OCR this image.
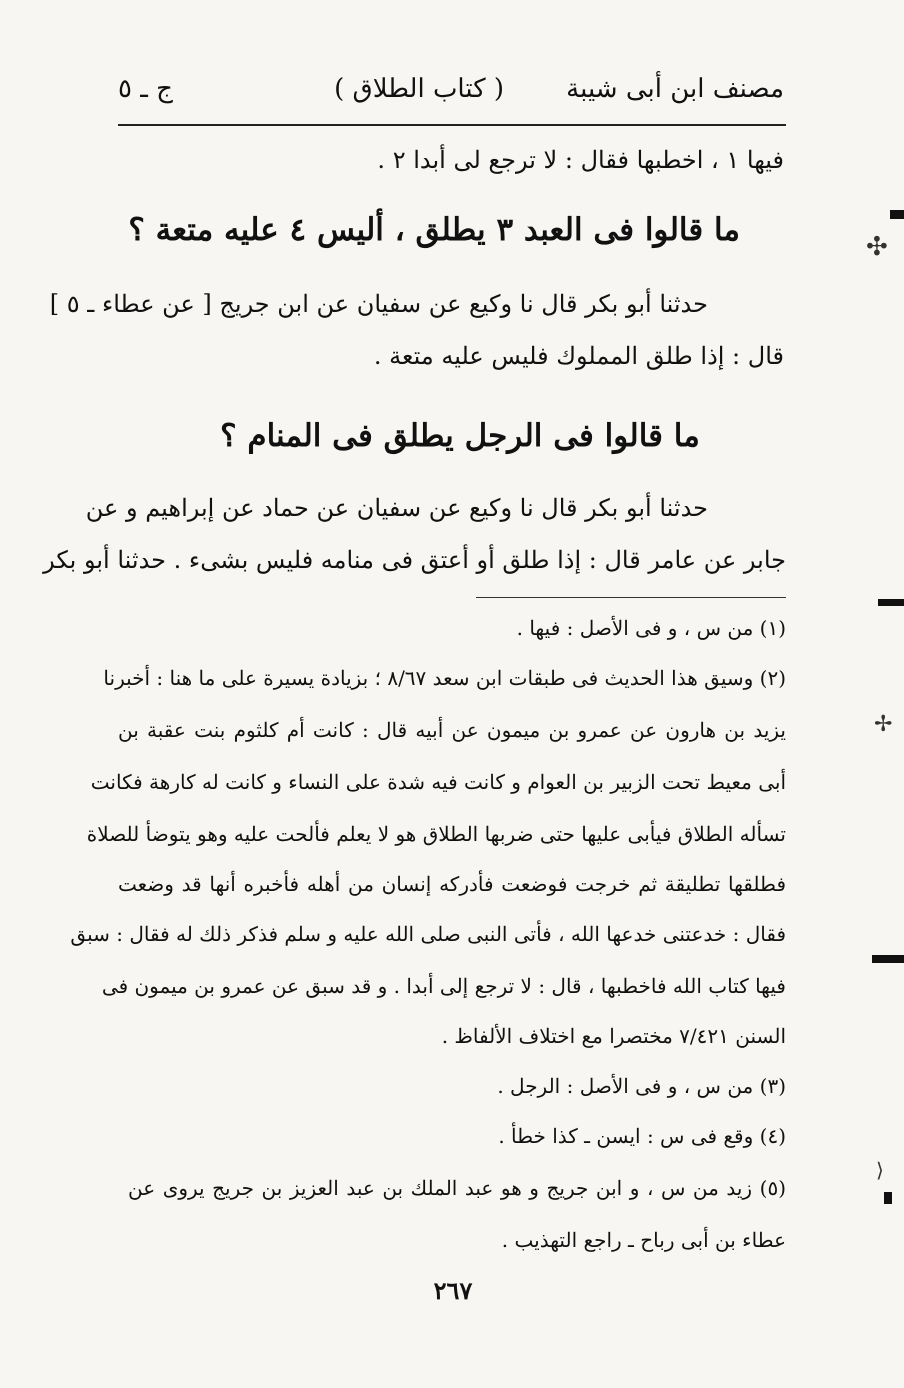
مصنف ابن أبى شيبة
( كتاب الطلاق )
ج ـ ٥
فيها ١ ، اخطبها فقال : لا ترجع لى أبدا ٢ .
ما قالوا فى العبد ٣ يطلق ، أليس ٤ عليه متعة ؟
حدثنا أبو بكر قال نا وكيع عن سفيان عن ابن جريج [ عن عطاء ـ ٥ ]
قال : إذا طلق المملوك فليس عليه متعة .
ما قالوا فى الرجل يطلق فى المنام ؟
حدثنا أبو بكر قال نا وكيع عن سفيان عن حماد عن إبراهيم و عن
جابر عن عامر قال : إذا طلق أو أعتق فى منامه فليس بشىء . حدثنا أبو بكر
(١) من س ، و فى الأصل : فيها .
(٢) وسيق هذا الحديث فى طبقات ابن سعد ٨/٦٧ ؛ بزيادة يسيرة على ما هنا : أخبرنا
يزيد بن هارون عن عمرو بن ميمون عن أبيه قال : كانت أم كلثوم بنت عقبة بن
أبى معيط تحت الزبير بن العوام و كانت فيه شدة على النساء و كانت له كارهة فكانت
تسأله الطلاق فيأبى عليها حتى ضربها الطلاق هو لا يعلم فألحت عليه وهو يتوضأ للصلاة
فطلقها تطليقة ثم خرجت فوضعت فأدركه إنسان من أهله فأخبره أنها قد وضعت
فقال : خدعتنى خدعها الله ، فأتى النبى صلى الله عليه و سلم فذكر ذلك له فقال : سبق
فيها كتاب الله فاخطبها ، قال : لا ترجع إلى أبدا . و قد سبق عن عمرو بن ميمون فى
السنن ٧/٤٢١ مختصرا مع اختلاف الألفاظ .
(٣) من س ، و فى الأصل : الرجل .
(٤) وقع فى س : ايسن ـ كذا خطأ .
(٥) زيد من س ، و ابن جريج و هو عبد الملك بن عبد العزيز بن جريج يروى عن
عطاء بن أبى رباح ـ راجع التهذيب .
٢٦٧
✣
✢
⟩
